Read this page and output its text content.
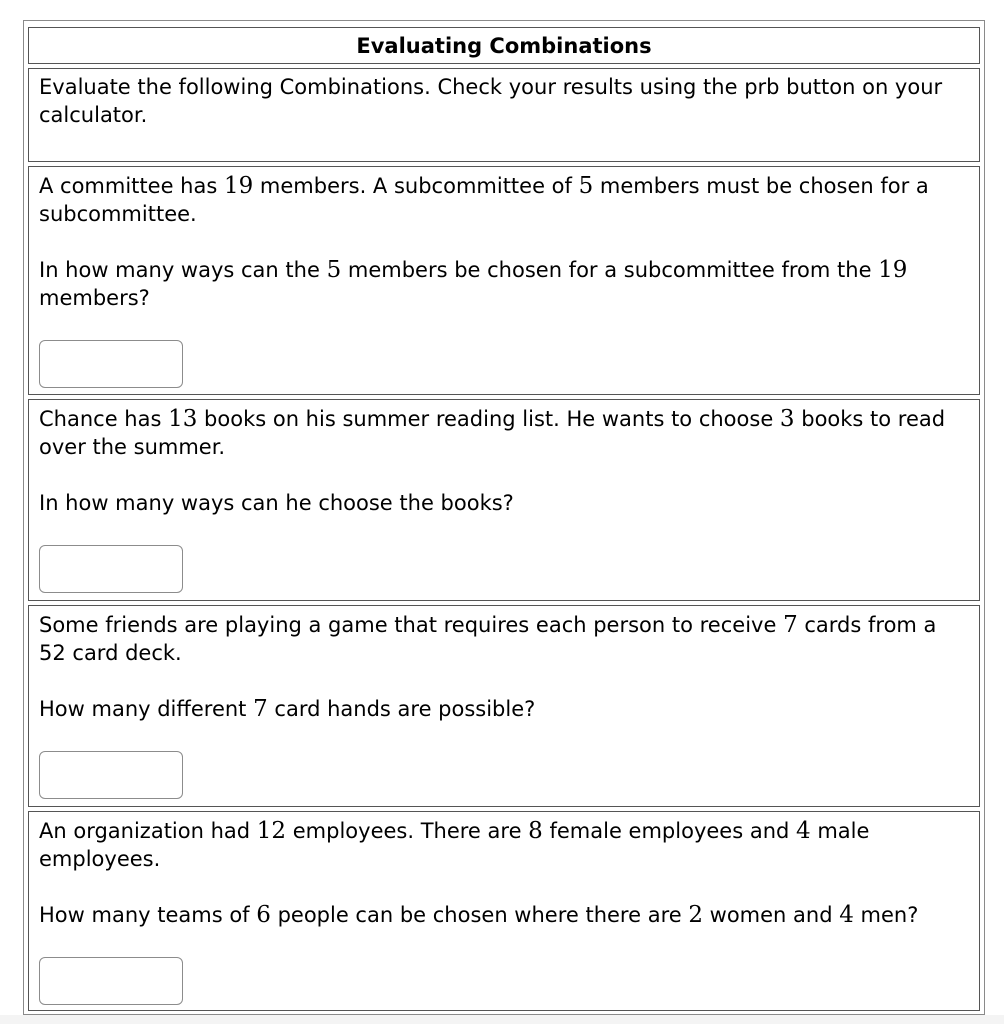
Evaluating Combinations
Evaluate the following Combinations. Check your results using the prb button on your calculator.
A committee has 19 members. A subcommittee of 5 members must be chosen for a subcommittee.
In how many ways can the 5 members be chosen for a subcommittee from the 19 members?
Chance has 13 books on his summer reading list. He wants to choose 3 books to read over the summer.
In how many ways can he choose the books?
Some friends are playing a game that requires each person to receive 7 cards from a 52 card deck.
How many different 7 card hands are possible?
An organization had 12 employees. There are 8 female employees and 4 male employees.
How many teams of 6 people can be chosen where there are 2 women and 4 men?
